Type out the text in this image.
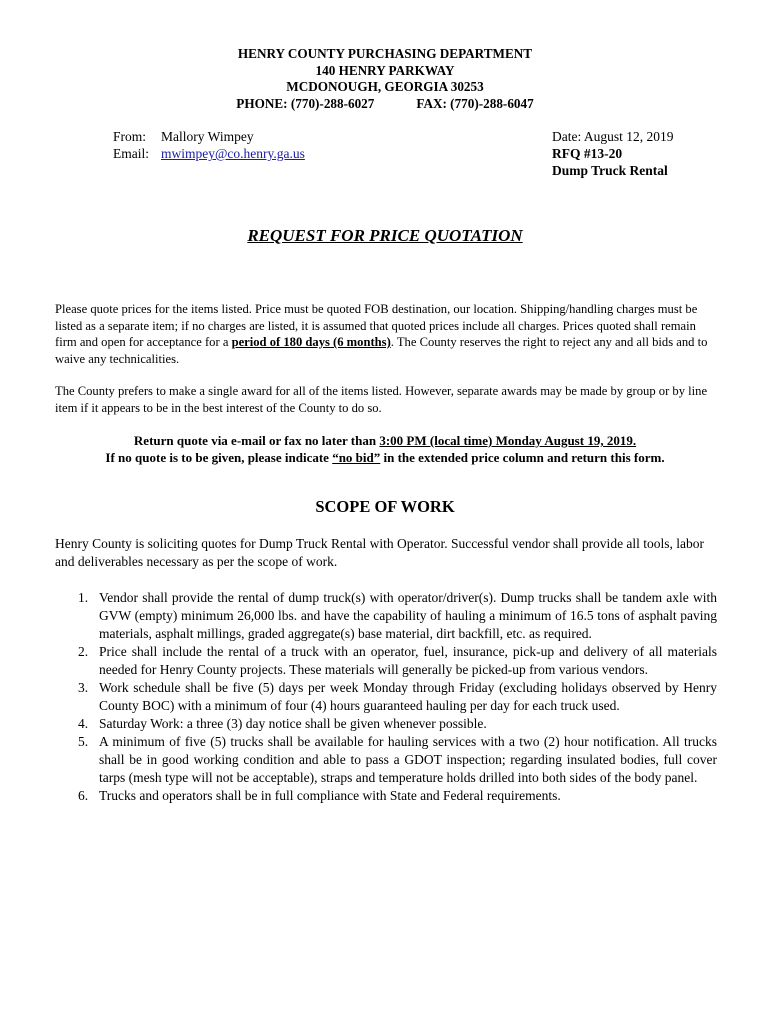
HENRY COUNTY PURCHASING DEPARTMENT
140 HENRY PARKWAY
MCDONOUGH, GEORGIA 30253
PHONE: (770)-288-6027	FAX: (770)-288-6047
From: Mallory Wimpey
Email: mwimpey@co.henry.ga.us
Date: August 12, 2019
RFQ #13-20
Dump Truck Rental
REQUEST FOR PRICE QUOTATION
Please quote prices for the items listed. Price must be quoted FOB destination, our location. Shipping/handling charges must be listed as a separate item; if no charges are listed, it is assumed that quoted prices include all charges. Prices quoted shall remain firm and open for acceptance for a period of 180 days (6 months). The County reserves the right to reject any and all bids and to waive any technicalities.
The County prefers to make a single award for all of the items listed. However, separate awards may be made by group or by line item if it appears to be in the best interest of the County to do so.
Return quote via e-mail or fax no later than 3:00 PM (local time) Monday August 19, 2019.
If no quote is to be given, please indicate “no bid” in the extended price column and return this form.
SCOPE OF WORK
Henry County is soliciting quotes for Dump Truck Rental with Operator. Successful vendor shall provide all tools, labor and deliverables necessary as per the scope of work.
1. Vendor shall provide the rental of dump truck(s) with operator/driver(s). Dump trucks shall be tandem axle with GVW (empty) minimum 26,000 lbs. and have the capability of hauling a minimum of 16.5 tons of asphalt paving materials, asphalt millings, graded aggregate(s) base material, dirt backfill, etc. as required.
2. Price shall include the rental of a truck with an operator, fuel, insurance, pick-up and delivery of all materials needed for Henry County projects. These materials will generally be picked-up from various vendors.
3. Work schedule shall be five (5) days per week Monday through Friday (excluding holidays observed by Henry County BOC) with a minimum of four (4) hours guaranteed hauling per day for each truck used.
4. Saturday Work: a three (3) day notice shall be given whenever possible.
5. A minimum of five (5) trucks shall be available for hauling services with a two (2) hour notification. All trucks shall be in good working condition and able to pass a GDOT inspection; regarding insulated bodies, full cover tarps (mesh type will not be acceptable), straps and temperature holds drilled into both sides of the body panel.
6. Trucks and operators shall be in full compliance with State and Federal requirements.
